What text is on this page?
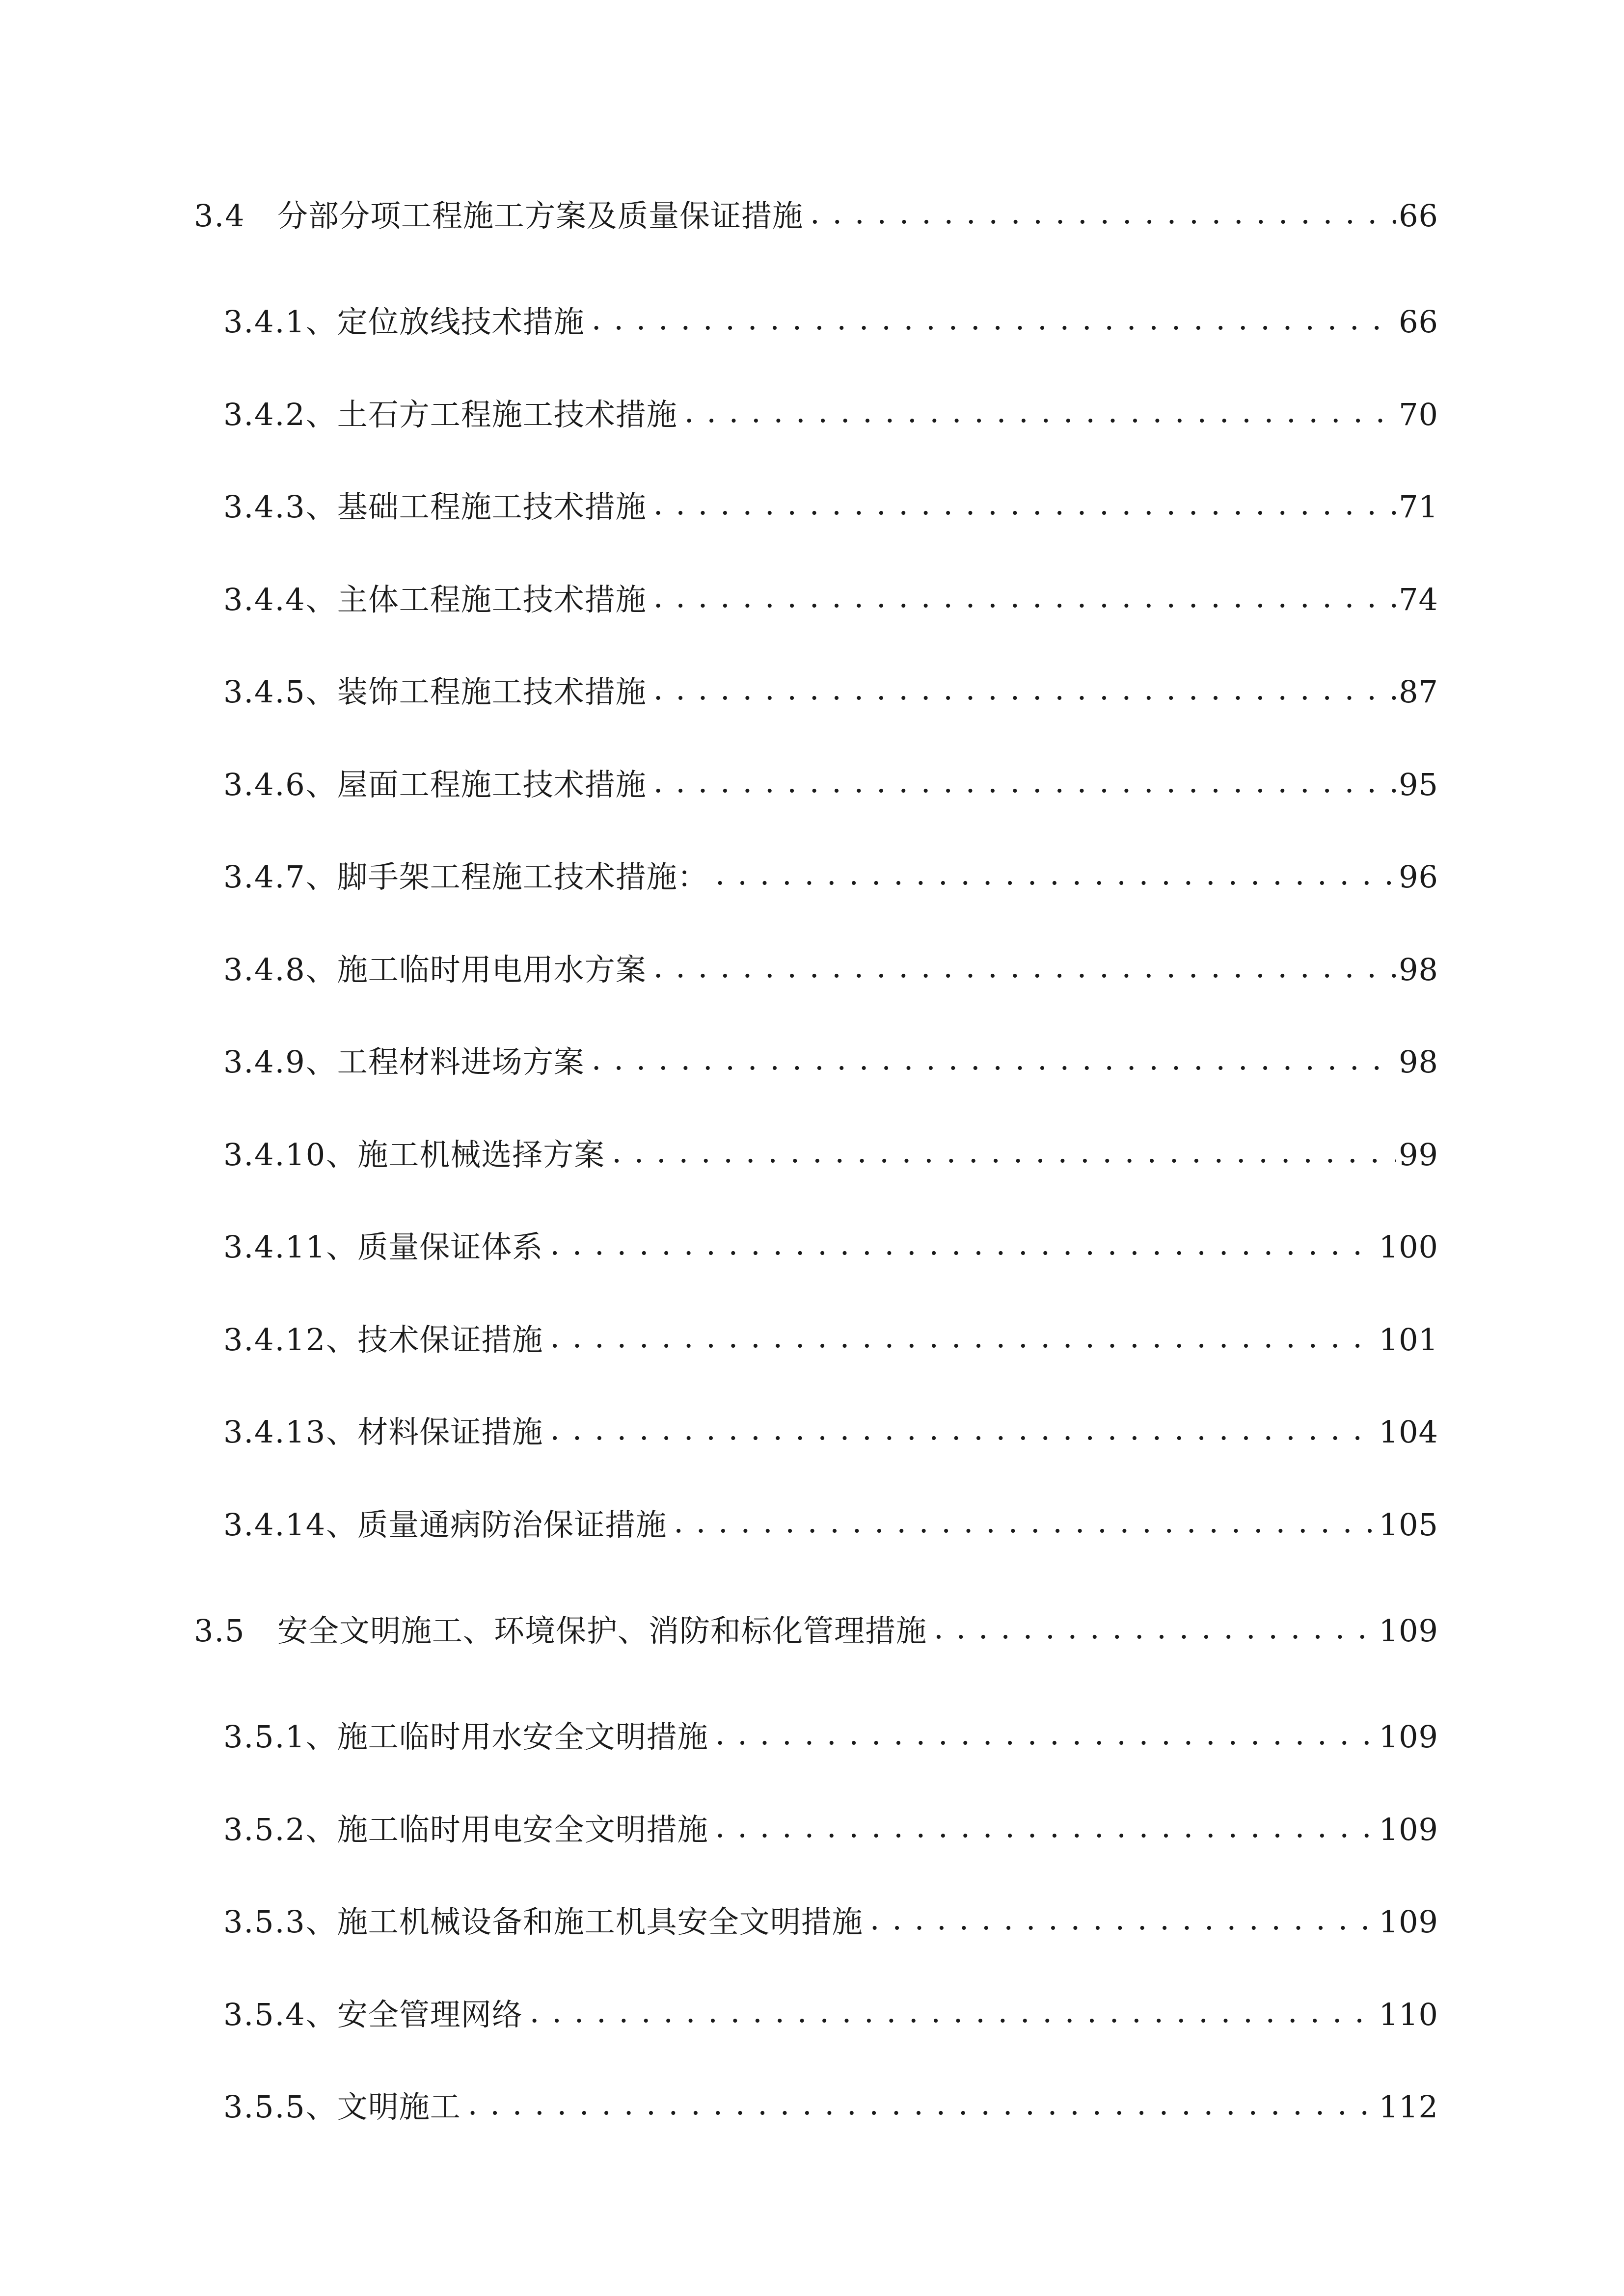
3.4	分部分项工程施工方案及质量保证措施 . . .	66
3.4.1、 定位放线技术措施 . . .	66
3.4.2、 土石方工程施工技术措施 . . .	70
3.4.3、 基础工程施工技术措施 . . .	71
3.4.4、 主体工程施工技术措施 . . .	74
3.4.5、 装饰工程施工技术措施 . . .	87
3.4.6、 屋面工程施工技术措施 . . .	95
3.4.7、 脚手架工程施工技术措施： . . .	96
3.4.8、 施工临时用电用水方案 . . .	98
3.4.9、 工程材料进场方案 . . .	98
3.4.10、 施工机械选择方案 . . .	99
3.4.11、 质量保证体系 . . .	100
3.4.12、 技术保证措施 . . .	101
3.4.13、 材料保证措施 . . .	104
3.4.14、 质量通病防治保证措施 . . .	105
3.5	安全文明施工、环境保护、消防和标化管理措施 . . .	109
3.5.1、 施工临时用水安全文明措施 . . .	109
3.5.2、 施工临时用电安全文明措施 . . .	109
3.5.3、 施工机械设备和施工机具安全文明措施 . . .	109
3.5.4、 安全管理网络 . . .	110
3.5.5、 文明施工 . . .	112
